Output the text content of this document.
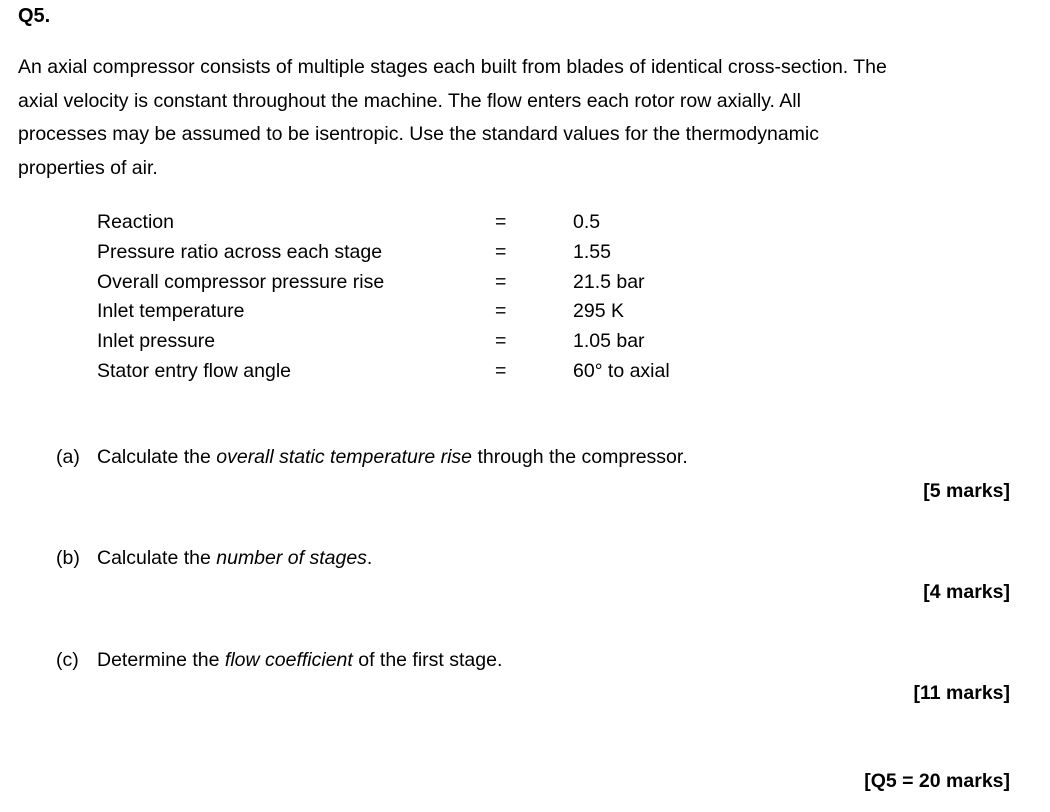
Q5.
An axial compressor consists of multiple stages each built from blades of identical cross-section. The
axial velocity is constant throughout the machine. The flow enters each rotor row axially. All
processes may be assumed to be isentropic. Use the standard values for the thermodynamic
properties of air.
Reaction	=	0.5
Pressure ratio across each stage	=	1.55
Overall compressor pressure rise	=	21.5 bar
Inlet temperature	=	295 K
Inlet pressure	=	1.05 bar
Stator entry flow angle	=	60° to axial
(a) Calculate the overall static temperature rise through the compressor.
[5 marks]
(b) Calculate the number of stages.
[4 marks]
(c) Determine the flow coefficient of the first stage.
[11 marks]
[Q5 = 20 marks]
